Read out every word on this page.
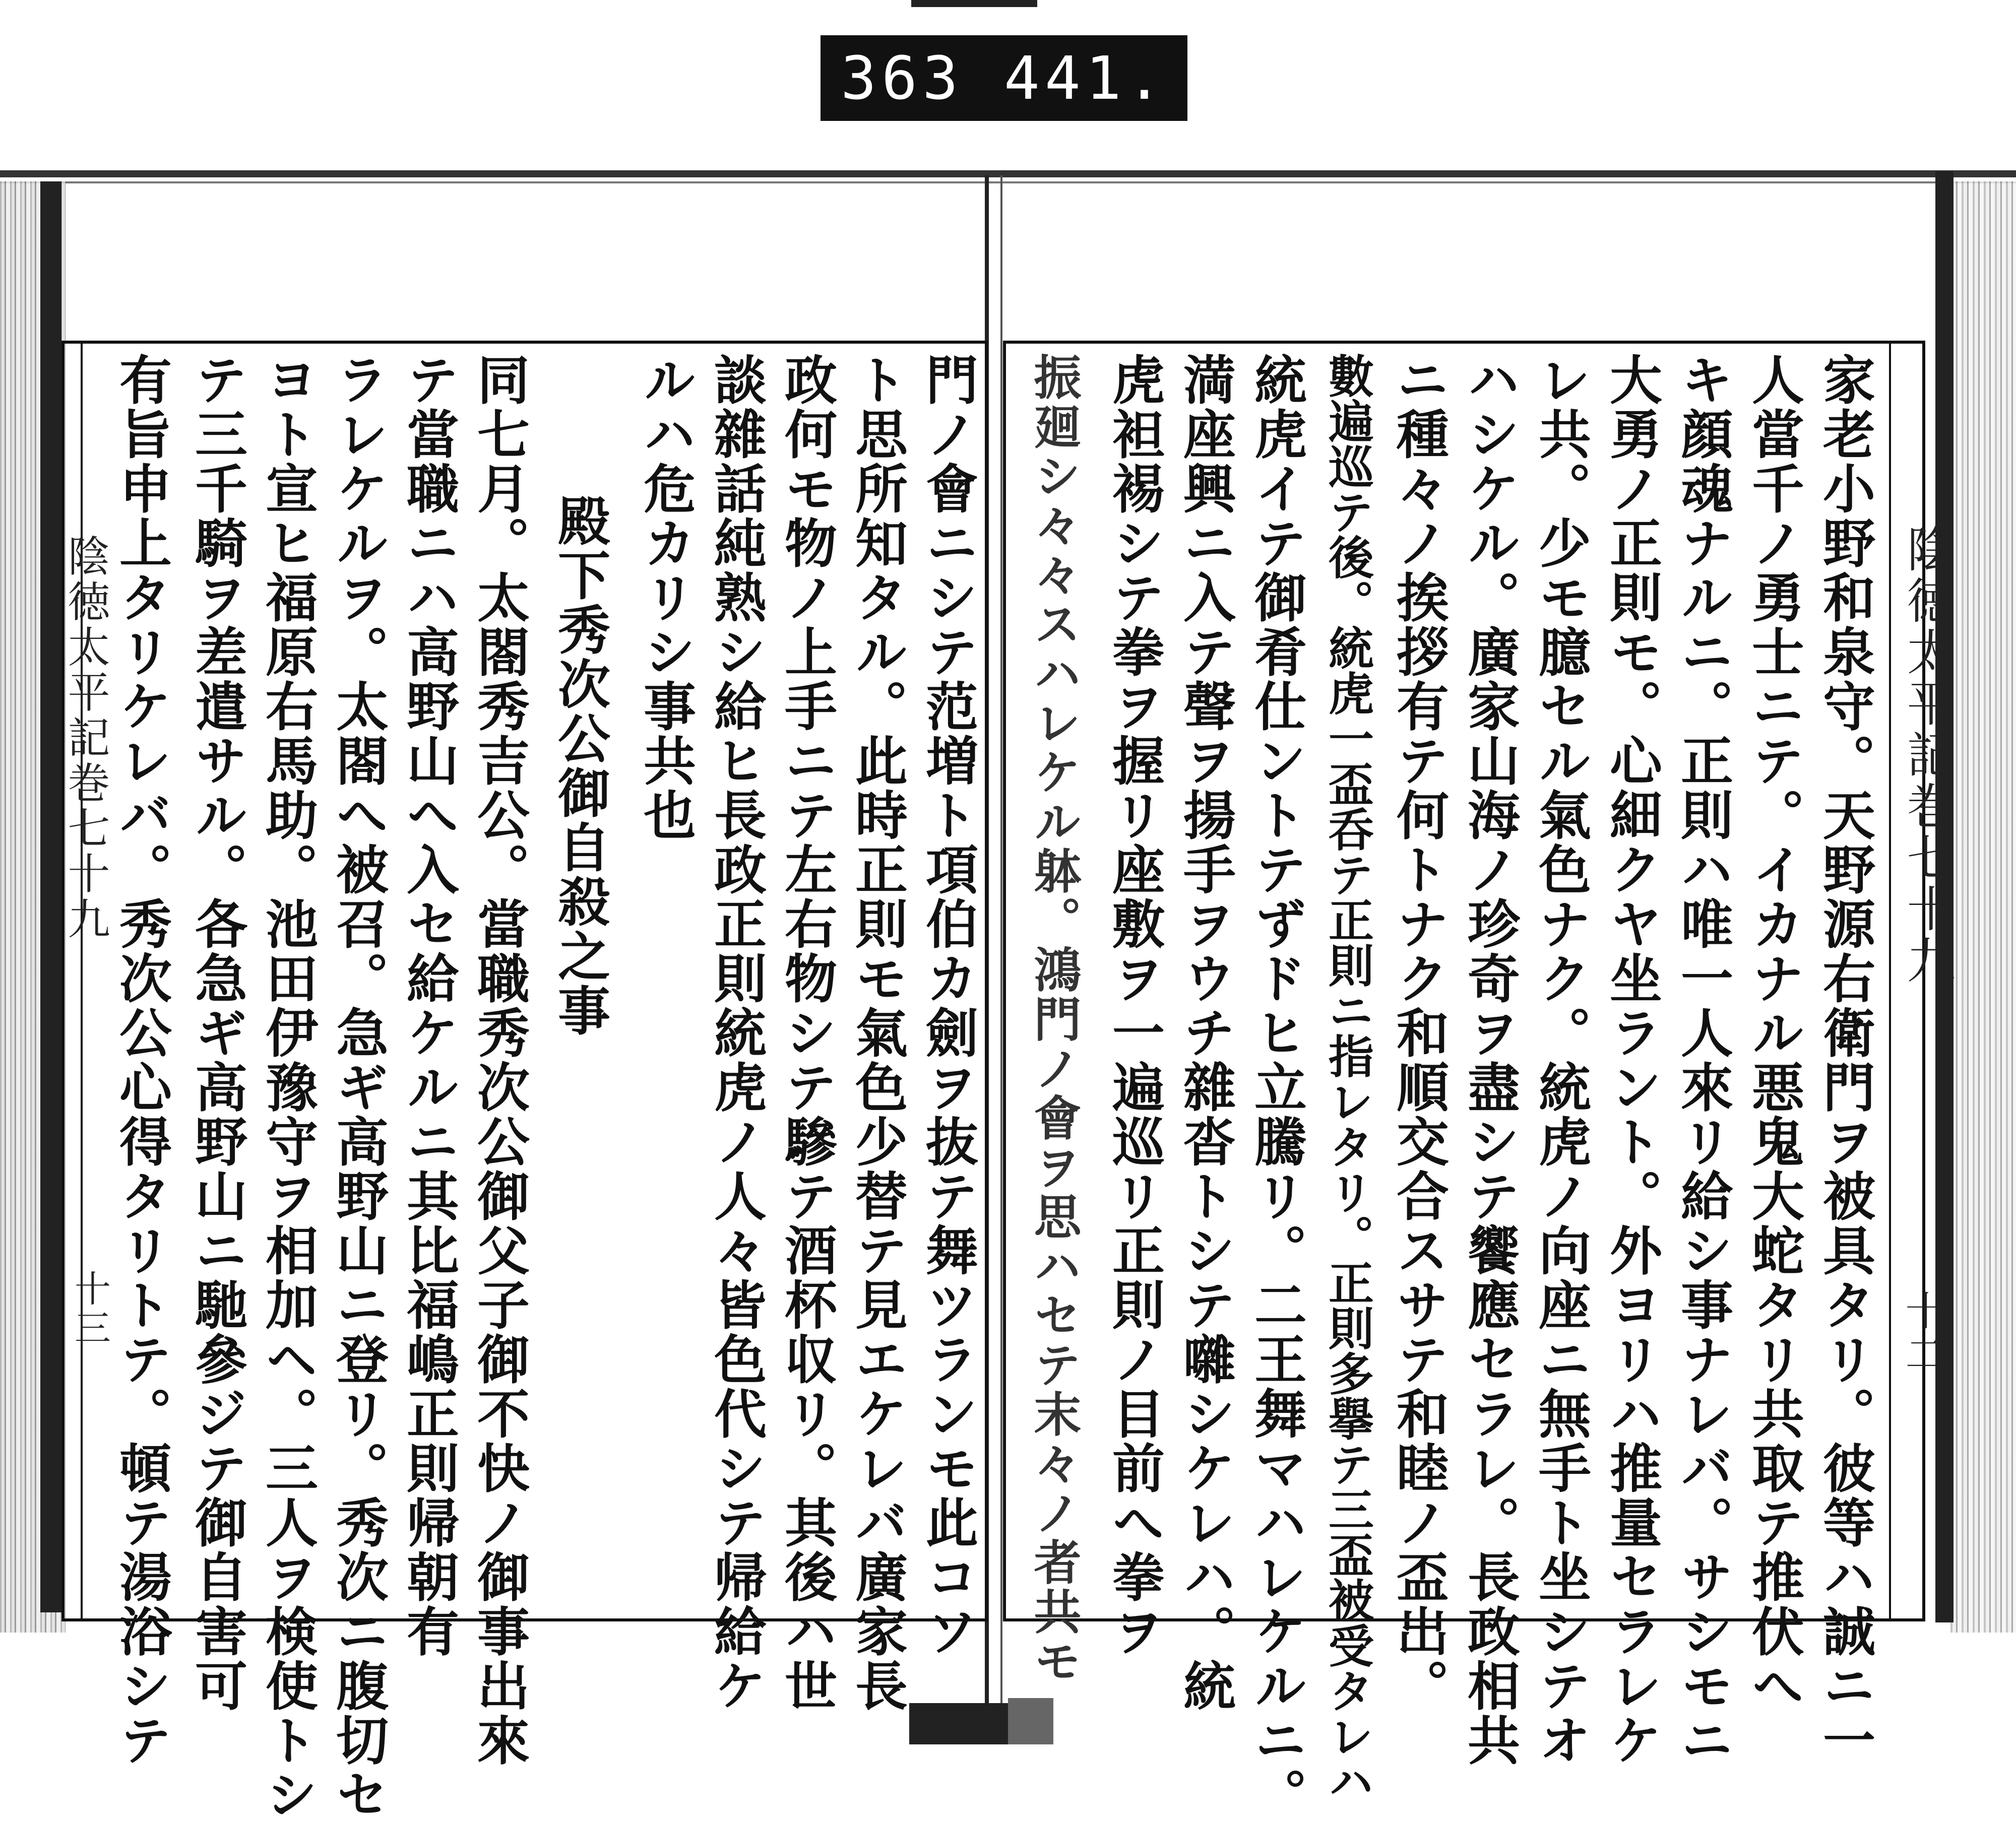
363 441.
陰徳太平記巻七十九
十三
陰徳太平記巻七十九
十二
家老小野和泉守。天野源右衛門ヲ被具タリ。彼等ハ誠ニ一
人當千ノ勇士ニテ。イカナル悪鬼大蛇タリ共取テ推伏へ
キ顔魂ナルニ。正則ハ唯一人來リ給シ事ナレバ。サシモニ
大勇ノ正則モ。心細クヤ坐ラント。外ヨリハ推量セラレケ
レ共。少モ臆セル氣色ナク。統虎ノ向座ニ無手ト坐シテオ
ハシケル。廣家山海ノ珍奇ヲ盡シテ饗應セラレ。長政相共
ニ種々ノ挨拶有テ何トナク和順交合スサテ和睦ノ盃出。
數遍巡テ後。統虎一盃呑テ正則ニ指レタリ。正則多擧テ三盃被受タレハ
統虎イテ御肴仕ントテずドヒ立騰リ。二王舞マハレケルニ。
満座興ニ入テ聲ヲ揚手ヲウチ雜沓トシテ囃シケレハ。統
虎袒裼シテ拳ヲ握リ座敷ヲ一遍巡リ正則ノ目前へ拳ヲ
振廻シ々々スハレケル躰。鴻門ノ會ヲ思ハセテ末々ノ者共モ
門ノ會ニシテ范増ト項伯カ劍ヲ抜テ舞ツランモ此コソ
ト思所知タル。此時正則モ氣色少替テ見エケレバ廣家長
政何モ物ノ上手ニテ左右物シテ驂テ酒杯収リ。其後ハ世
談雜話純熟シ給ヒ長政正則統虎ノ人々皆色代シテ帰給ケ
ルハ危カリシ事共也
殿下秀次公御自殺之事
同七月。太閤秀吉公。當職秀次公御父子御不快ノ御事出來
テ當職ニハ高野山へ入セ給ケルニ其比福嶋正則帰朝有
ラレケルヲ。太閤へ被召。急ギ高野山ニ登リ。秀次ニ腹切セ
ヨト宣ヒ福原右馬助。池田伊豫守ヲ相加ヘ。三人ヲ検使トシ
テ三千騎ヲ差遣サル。各急ギ高野山ニ馳參ジテ御自害可
有旨申上タリケレバ。秀次公心得タリトテ。頓テ湯浴シテ
